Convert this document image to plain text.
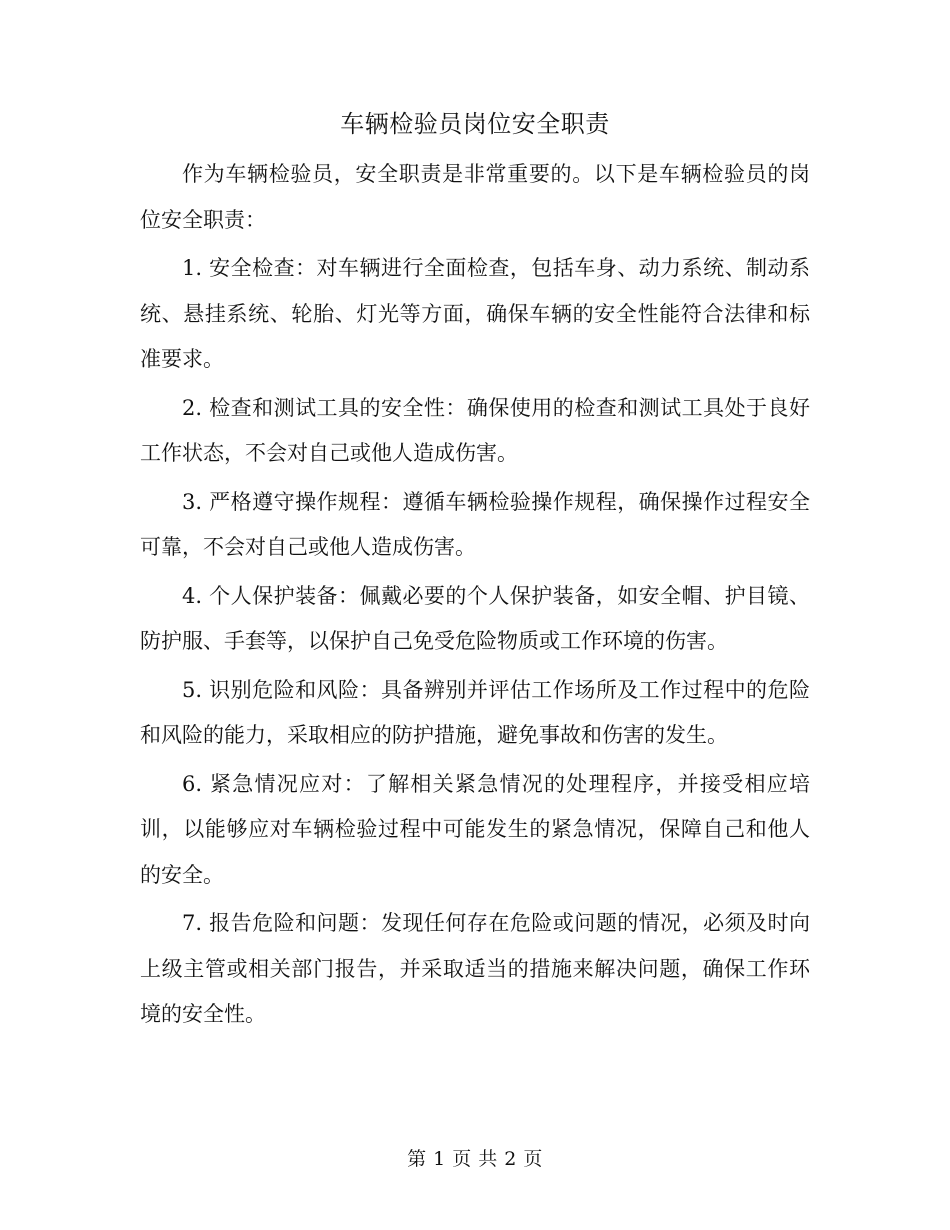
车辆检验员岗位安全职责

作为车辆检验员，安全职责是非常重要的。以下是车辆检验员的岗位安全职责：

1. 安全检查：对车辆进行全面检查，包括车身、动力系统、制动系统、悬挂系统、轮胎、灯光等方面，确保车辆的安全性能符合法律和标准要求。

2. 检查和测试工具的安全性：确保使用的检查和测试工具处于良好工作状态，不会对自己或他人造成伤害。

3. 严格遵守操作规程：遵循车辆检验操作规程，确保操作过程安全可靠，不会对自己或他人造成伤害。

4. 个人保护装备：佩戴必要的个人保护装备，如安全帽、护目镜、防护服、手套等，以保护自己免受危险物质或工作环境的伤害。

5. 识别危险和风险：具备辨别并评估工作场所及工作过程中的危险和风险的能力，采取相应的防护措施，避免事故和伤害的发生。

6. 紧急情况应对：了解相关紧急情况的处理程序，并接受相应培训，以能够应对车辆检验过程中可能发生的紧急情况，保障自己和他人的安全。

7. 报告危险和问题：发现任何存在危险或问题的情况，必须及时向上级主管或相关部门报告，并采取适当的措施来解决问题，确保工作环境的安全性。

第 1 页 共 2 页
